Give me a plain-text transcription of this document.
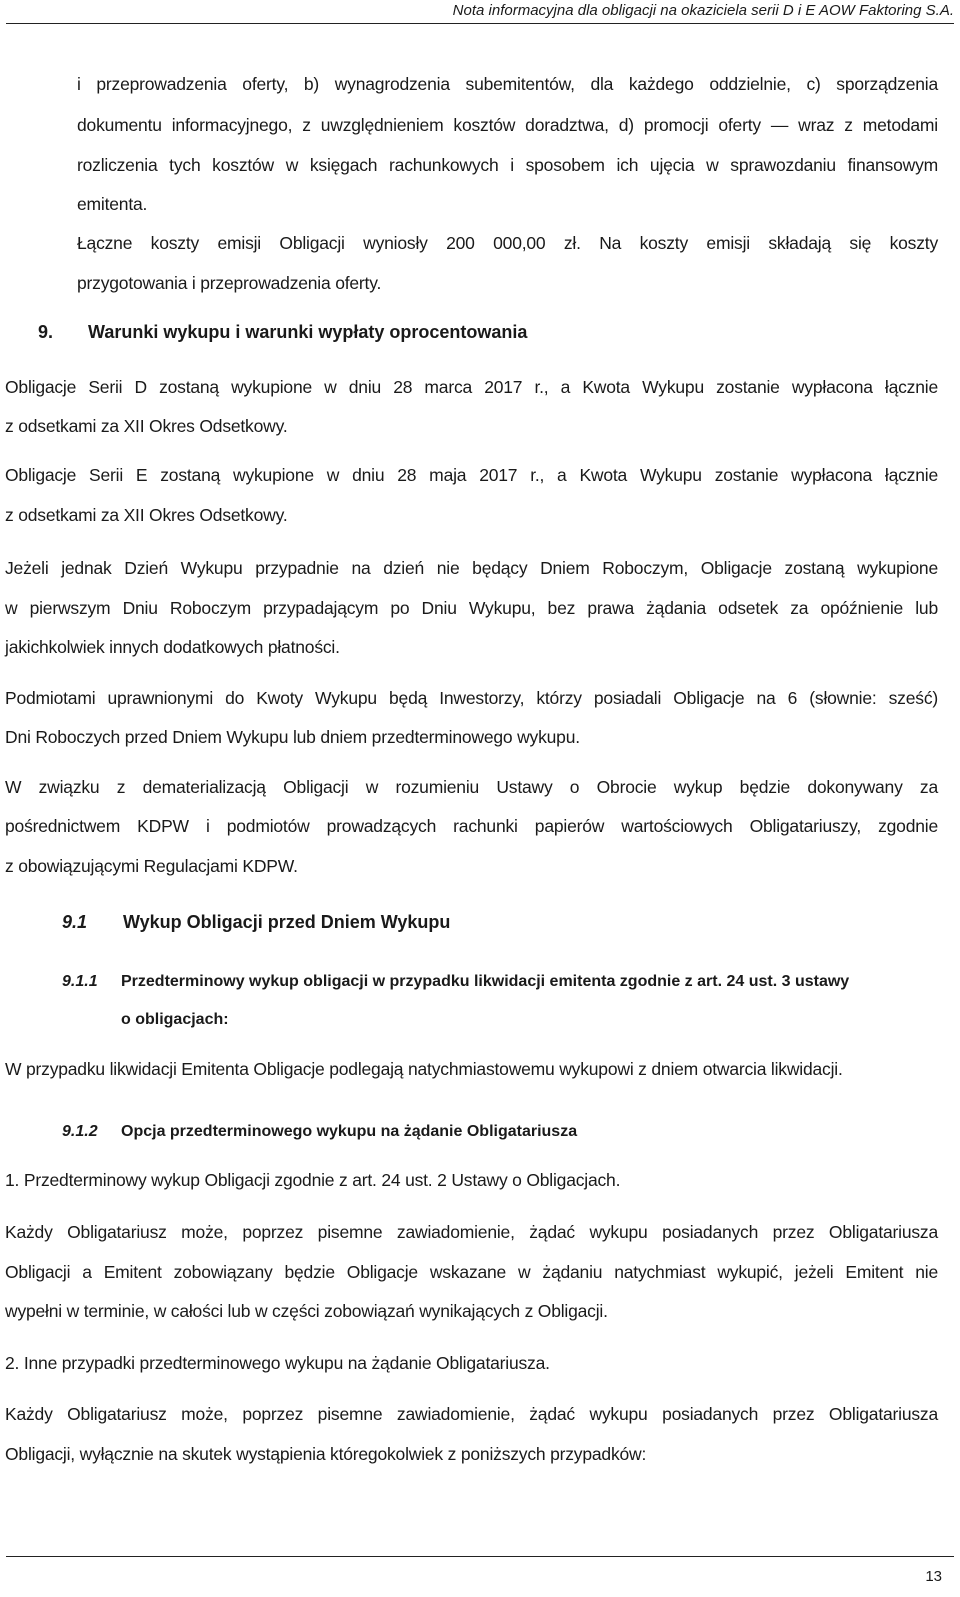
Nota informacyjna dla obligacji na okaziciela serii D i E AOW Faktoring S.A.
i przeprowadzenia oferty, b) wynagrodzenia subemitentów, dla każdego oddzielnie, c) sporządzenia
dokumentu informacyjnego, z uwzględnieniem kosztów doradztwa, d) promocji oferty — wraz z metodami
rozliczenia tych kosztów w księgach rachunkowych i sposobem ich ujęcia w sprawozdaniu finansowym
emitenta.
Łączne koszty emisji Obligacji wyniosły 200 000,00 zł. Na koszty emisji składają się koszty
przygotowania i przeprowadzenia oferty.
9. Warunki wykupu i warunki wypłaty oprocentowania
Obligacje Serii D zostaną wykupione w dniu 28 marca 2017 r., a Kwota Wykupu zostanie wypłacona łącznie
z odsetkami za XII Okres Odsetkowy.
Obligacje Serii E zostaną wykupione w dniu 28 maja 2017 r., a Kwota Wykupu zostanie wypłacona łącznie
z odsetkami za XII Okres Odsetkowy.
Jeżeli jednak Dzień Wykupu przypadnie na dzień nie będący Dniem Roboczym, Obligacje zostaną wykupione
w pierwszym Dniu Roboczym przypadającym po Dniu Wykupu, bez prawa żądania odsetek za opóźnienie lub
jakichkolwiek innych dodatkowych płatności.
Podmiotami uprawnionymi do Kwoty Wykupu będą Inwestorzy, którzy posiadali Obligacje na 6 (słownie: sześć)
Dni Roboczych przed Dniem Wykupu lub dniem przedterminowego wykupu.
W związku z dematerializacją Obligacji w rozumieniu Ustawy o Obrocie wykup będzie dokonywany za
pośrednictwem KDPW i podmiotów prowadzących rachunki papierów wartościowych Obligatariuszy, zgodnie
z obowiązującymi Regulacjami KDPW.
9.1 Wykup Obligacji przed Dniem Wykupu
9.1.1 Przedterminowy wykup obligacji w przypadku likwidacji emitenta zgodnie z art. 24 ust. 3 ustawy
o obligacjach:
W przypadku likwidacji Emitenta Obligacje podlegają natychmiastowemu wykupowi z dniem otwarcia likwidacji.
9.1.2 Opcja przedterminowego wykupu na żądanie Obligatariusza
1. Przedterminowy wykup Obligacji zgodnie z art. 24 ust. 2 Ustawy o Obligacjach.
Każdy Obligatariusz może, poprzez pisemne zawiadomienie, żądać wykupu posiadanych przez Obligatariusza
Obligacji a Emitent zobowiązany będzie Obligacje wskazane w żądaniu natychmiast wykupić, jeżeli Emitent nie
wypełni w terminie, w całości lub w części zobowiązań wynikających z Obligacji.
2. Inne przypadki przedterminowego wykupu na żądanie Obligatariusza.
Każdy Obligatariusz może, poprzez pisemne zawiadomienie, żądać wykupu posiadanych przez Obligatariusza
Obligacji, wyłącznie na skutek wystąpienia któregokolwiek z poniższych przypadków:
13
